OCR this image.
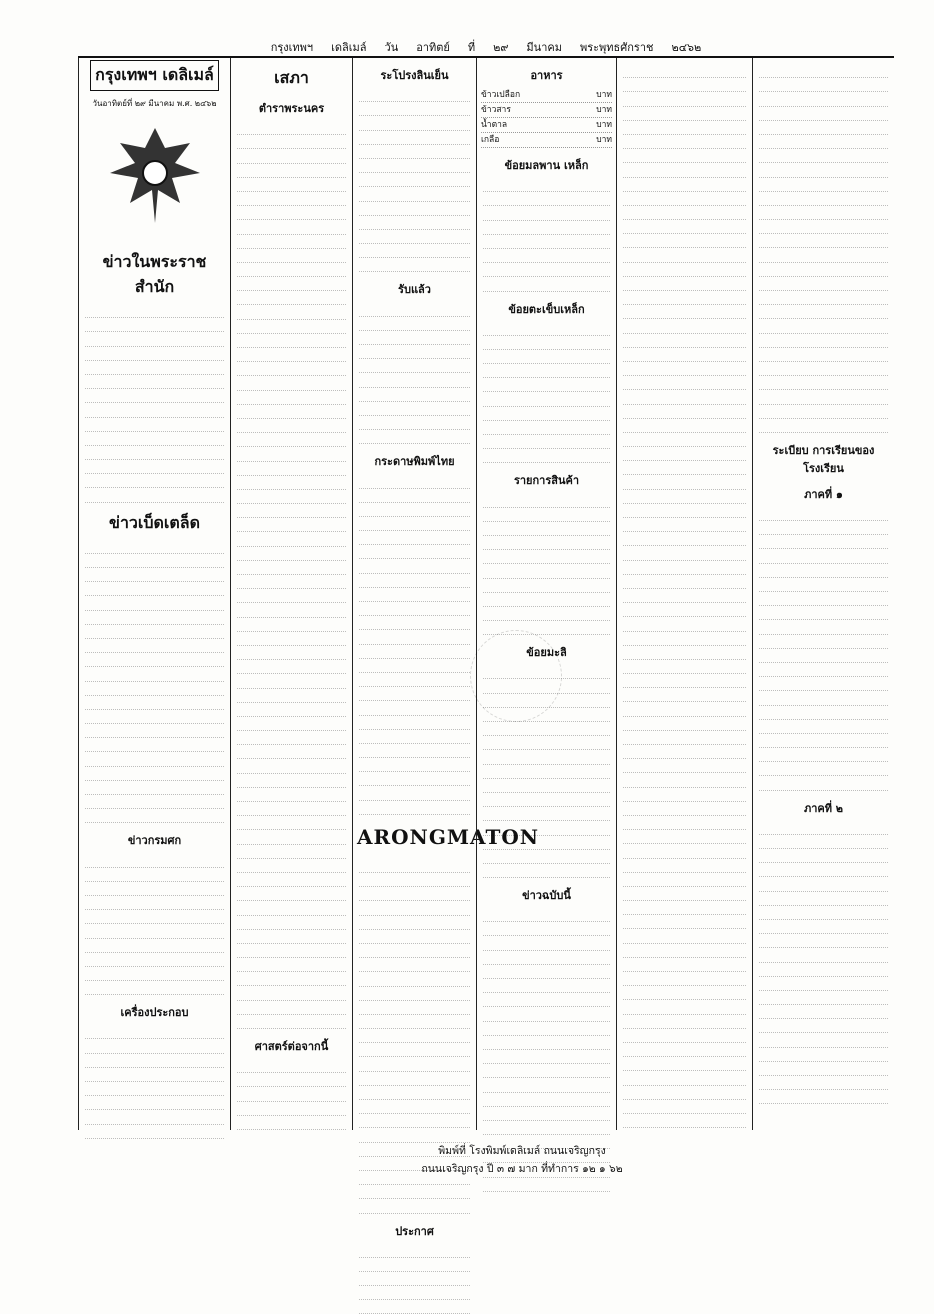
กรุงเทพฯ เดลิเมล์ วัน อาทิตย์ ที่ ๒๙ มีนาคม พระพุทธศักราช ๒๔๖๒
กรุงเทพฯ เดลิเมล์
วันอาทิตย์ที่ ๒๙ มีนาคม พ.ศ. ๒๔๖๒
ข่าวในพระราชสำนัก
ข่าวเบ็ดเตล็ด
ข่าวกรมศก
เครื่องประกอบ
เสภา
ตำราพระนคร
ศาสตร์ต่อจากนี้
ระโปรงลินเย็น
รับแล้ว
กระดาษพิมพ์ไทย
ARONGMATON
ประกาศ
อาหาร
ข้าวเปลือก	บาท
ข้าวสาร	บาท
น้ำตาล	บาท
เกลือ	บาท
ข้อยมลพาน เหล็ก
ข้อยตะเข็บเหล็ก
รายการสินค้า
ข้อยมะลิ
ข่าวฉบับนี้
ระเบียบ การเรียนของโรงเรียน
ภาคที่ ๑
ภาคที่ ๒
พิมพ์ที่ โรงพิมพ์เดลิเมล์ ถนนเจริญกรุง
ถนนเจริญกรุง ปี ๓ ๗ มาก ที่ทำการ ๑๒ ๑ ๖๒
